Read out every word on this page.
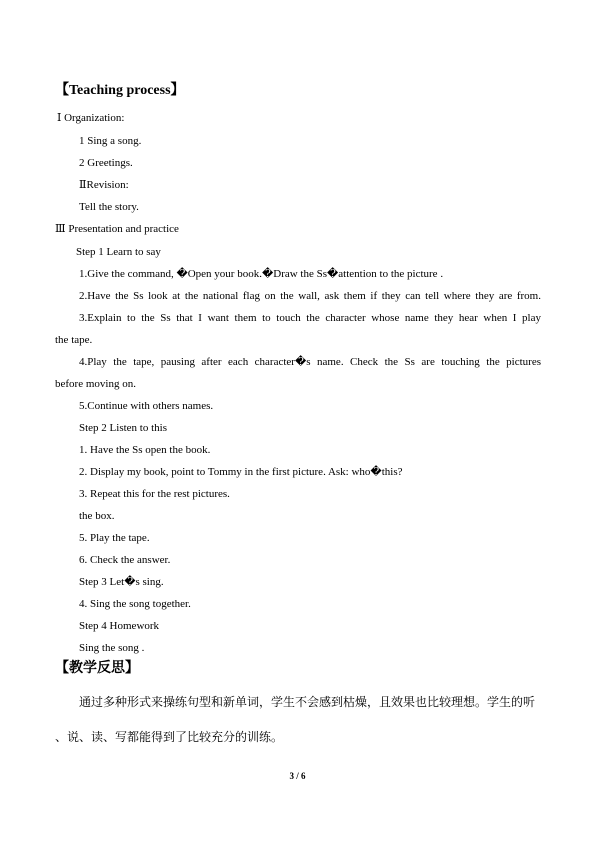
【Teaching process】
Ⅰ Organization:
1 Sing a song.
2 Greetings.
ⅡRevision:
Tell the story.
Ⅲ Presentation and practice
Step 1 Learn to say
1.Give the command, �Open your book.�Draw the Ss�attention to the picture .
2.Have the Ss look at the national flag on the wall, ask them if they can tell where they are from.
3.Explain to the Ss that I want them to touch the character whose name they hear when I play
the tape.
4.Play the tape, pausing after each character�s name. Check the Ss are touching the pictures
before moving on.
5.Continue with others names.
Step 2 Listen to this
1. Have the Ss open the book.
2. Display my book, point to Tommy in the first picture. Ask: who�this?
3. Repeat this for the rest pictures.
the box.
5. Play the tape.
6. Check the answer.
Step 3 Let�s sing.
4. Sing the song together.
Step 4 Homework
Sing the song .
【教学反思】
通过多种形式来操练句型和新单词，学生不会感到枯燥，且效果也比较理想。学生的听
、说、读、写都能得到了比较充分的训练。
3 / 6
